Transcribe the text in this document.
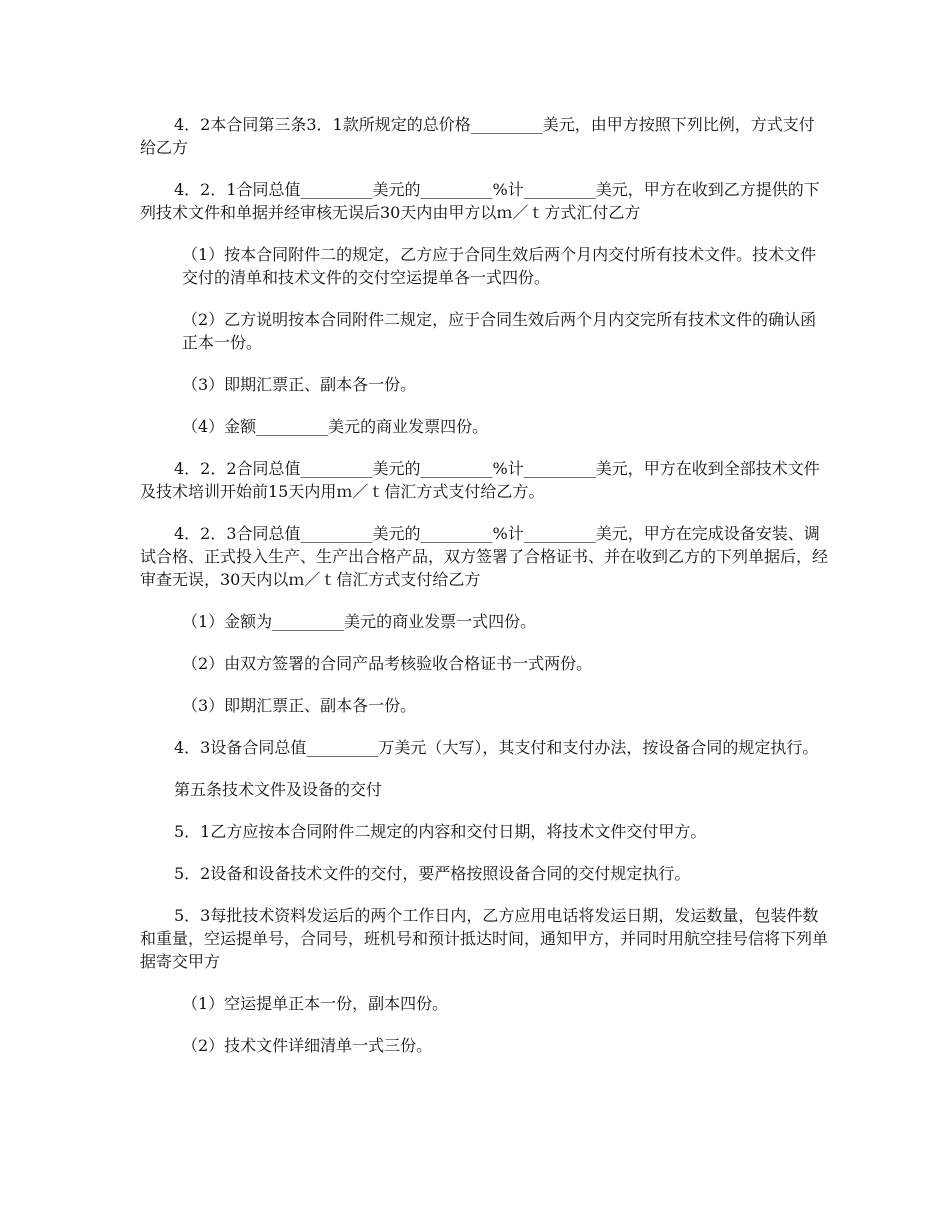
4．2本合同第三条3．1款所规定的总价格_________美元，由甲方按照下列比例，方式支付给乙方

4．2．1合同总值_________美元的_________%计_________美元，甲方在收到乙方提供的下列技术文件和单据并经审核无误后30天内由甲方以ｍ／ｔ方式汇付乙方

（1）按本合同附件二的规定，乙方应于合同生效后两个月内交付所有技术文件。技术文件交付的清单和技术文件的交付空运提单各一式四份。

（2）乙方说明按本合同附件二规定，应于合同生效后两个月内交完所有技术文件的确认函正本一份。

（3）即期汇票正、副本各一份。

（4）金额_________美元的商业发票四份。

4．2．2合同总值_________美元的_________%计_________美元，甲方在收到全部技术文件及技术培训开始前15天内用ｍ／ｔ信汇方式支付给乙方。

4．2．3合同总值_________美元的_________%计_________美元，甲方在完成设备安装、调试合格、正式投入生产、生产出合格产品，双方签署了合格证书、并在收到乙方的下列单据后，经审查无误，30天内以ｍ／ｔ信汇方式支付给乙方

（1）金额为_________美元的商业发票一式四份。

（2）由双方签署的合同产品考核验收合格证书一式两份。

（3）即期汇票正、副本各一份。

4．3设备合同总值_________万美元（大写），其支付和支付办法，按设备合同的规定执行。

第五条技术文件及设备的交付

5．1乙方应按本合同附件二规定的内容和交付日期，将技术文件交付甲方。

5．2设备和设备技术文件的交付，要严格按照设备合同的交付规定执行。

5．3每批技术资料发运后的两个工作日内，乙方应用电话将发运日期，发运数量，包装件数和重量，空运提单号，合同号，班机号和预计抵达时间，通知甲方，并同时用航空挂号信将下列单据寄交甲方

（1）空运提单正本一份，副本四份。

（2）技术文件详细清单一式三份。
